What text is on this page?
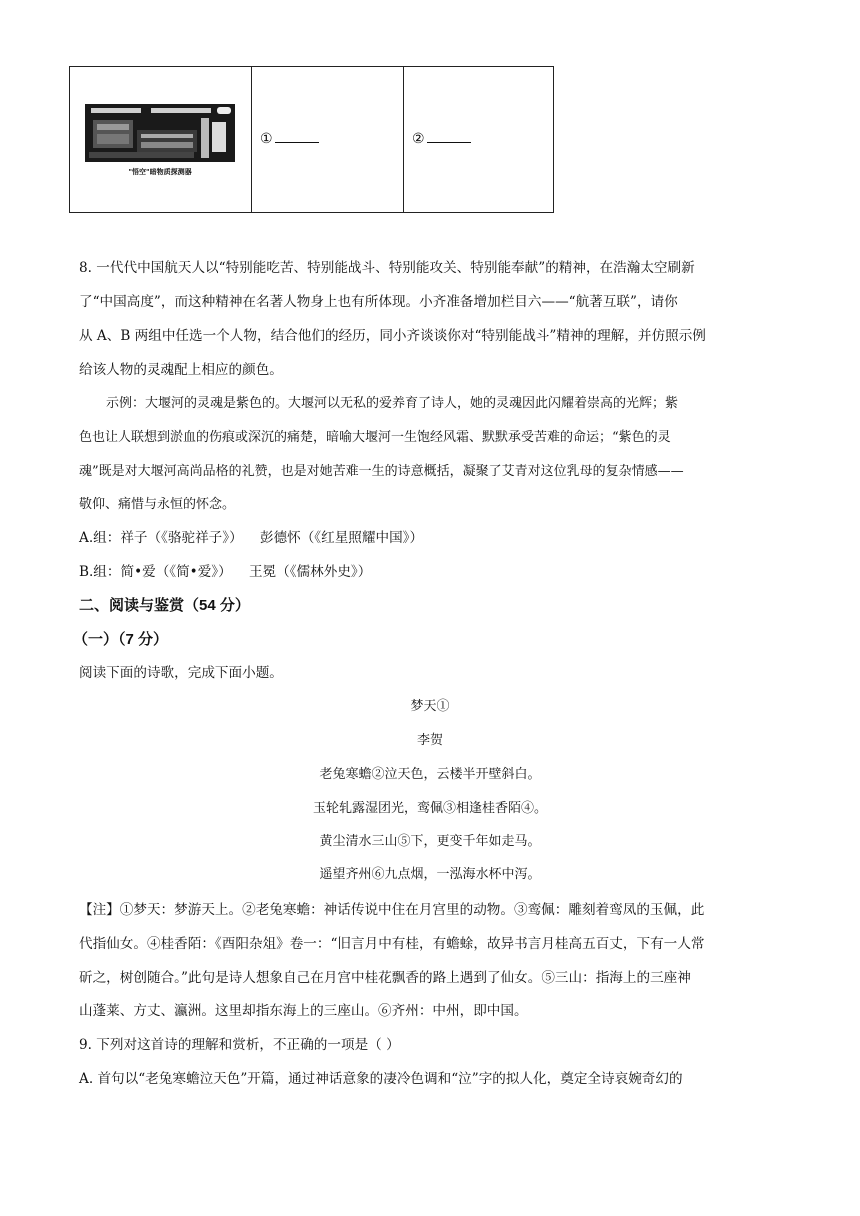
"悟空"暗物质探测器
①	②

8. 一代代中国航天人以“特别能吃苦、特别能战斗、特别能攻关、特别能奉献”的精神，在浩瀚太空刷新

了“中国高度”，而这种精神在名著人物身上也有所体现。小齐准备增加栏目六——“航著互联”，请你

从 A、B 两组中任选一个人物，结合他们的经历，同小齐谈谈你对“特别能战斗”精神的理解，并仿照示例

给该人物的灵魂配上相应的颜色。

示例：大堰河的灵魂是紫色的。大堰河以无私的爱养育了诗人，她的灵魂因此闪耀着崇高的光辉；紫

色也让人联想到淤血的伤痕或深沉的痛楚，暗喻大堰河一生饱经风霜、默默承受苦难的命运；“紫色的灵

魂”既是对大堰河高尚品格的礼赞，也是对她苦难一生的诗意概括，凝聚了艾青对这位乳母的复杂情感——

敬仰、痛惜与永恒的怀念。

A.组：祥子（《骆驼祥子》）    彭德怀（《红星照耀中国》）

B.组：简•爱（《简•爱》）    王冕（《儒林外史》）

二、阅读与鉴赏（54 分）

（一）（7 分）

阅读下面的诗歌，完成下面小题。

梦天①

李贺

老兔寒蟾②泣天色，云楼半开壁斜白。

玉轮轧露湿团光，鸾佩③相逢桂香陌④。

黄尘清水三山⑤下，更变千年如走马。

遥望齐州⑥九点烟，一泓海水杯中泻。

【注】①梦天：梦游天上。②老兔寒蟾：神话传说中住在月宫里的动物。③鸾佩：雕刻着鸾凤的玉佩，此

代指仙女。④桂香陌：《酉阳杂俎》卷一：“旧言月中有桂，有蟾蜍，故异书言月桂高五百丈，下有一人常

斫之，树创随合。”此句是诗人想象自己在月宫中桂花飘香的路上遇到了仙女。⑤三山：指海上的三座神

山蓬莱、方丈、瀛洲。这里却指东海上的三座山。⑥齐州：中州，即中国。

9. 下列对这首诗的理解和赏析，不正确的一项是（ ）

A. 首句以“老兔寒蟾泣天色”开篇，通过神话意象的凄冷色调和“泣”字的拟人化，奠定全诗哀婉奇幻的
